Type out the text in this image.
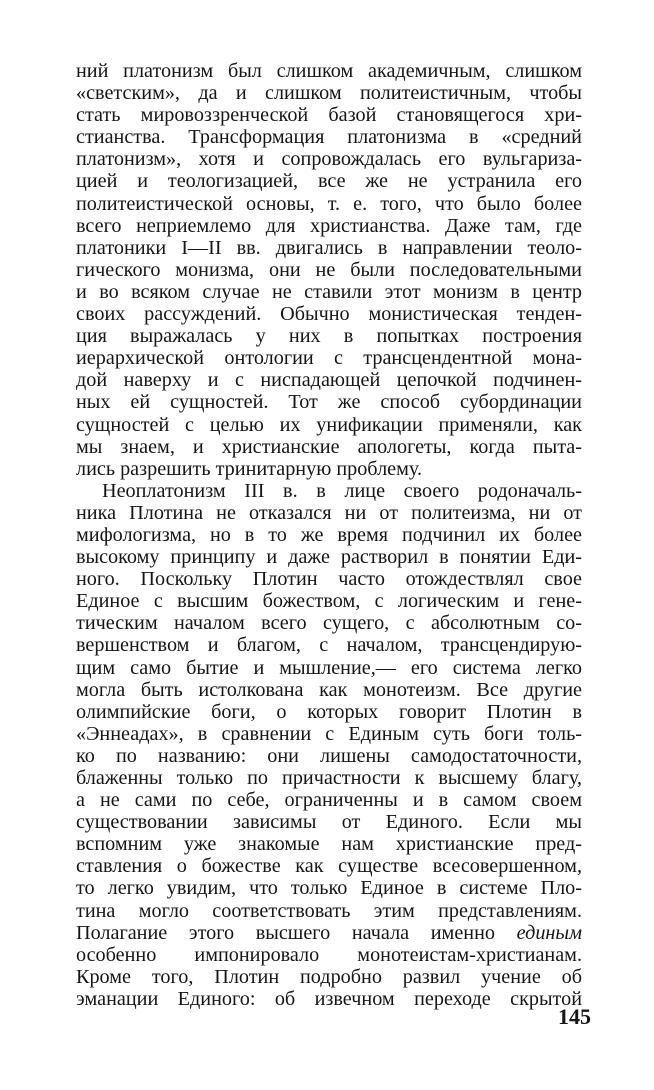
ний платонизм был слишком академичным, слишком
«светским», да и слишком политеистичным, чтобы
стать мировоззренческой базой становящегося хри-
стианства. Трансформация платонизма в «средний
платонизм», хотя и сопровождалась его вульгариза-
цией и теологизацией, все же не устранила его
политеистической основы, т. е. того, что было более
всего неприемлемо для христианства. Даже там, где
платоники I—II вв. двигались в направлении теоло-
гического монизма, они не были последовательными
и во всяком случае не ставили этот монизм в центр
своих рассуждений. Обычно монистическая тенден-
ция выражалась у них в попытках построения
иерархической онтологии с трансцендентной мона-
дой наверху и с ниспадающей цепочкой подчинен-
ных ей сущностей. Тот же способ субординации
сущностей с целью их унификации применяли, как
мы знаем, и христианские апологеты, когда пыта-
лись разрешить тринитарную проблему.
Неоплатонизм III в. в лице своего родоначаль-
ника Плотина не отказался ни от политеизма, ни от
мифологизма, но в то же время подчинил их более
высокому принципу и даже растворил в понятии Еди-
ного. Поскольку Плотин часто отождествлял свое
Единое с высшим божеством, с логическим и гене-
тическим началом всего сущего, с абсолютным со-
вершенством и благом, с началом, трансцендирую-
щим само бытие и мышление,— его система легко
могла быть истолкована как монотеизм. Все другие
олимпийские боги, о которых говорит Плотин в
«Эннеадах», в сравнении с Единым суть боги толь-
ко по названию: они лишены самодостаточности,
блаженны только по причастности к высшему благу,
а не сами по себе, ограниченны и в самом своем
существовании зависимы от Единого. Если мы
вспомним уже знакомые нам христианские пред-
ставления о божестве как существе всесовершенном,
то легко увидим, что только Единое в системе Пло-
тина могло соответствовать этим представлениям.
Полагание этого высшего начала именно единым
особенно импонировало монотеистам-христианам.
Кроме того, Плотин подробно развил учение об
эманации Единого: об извечном переходе скрытой
145
